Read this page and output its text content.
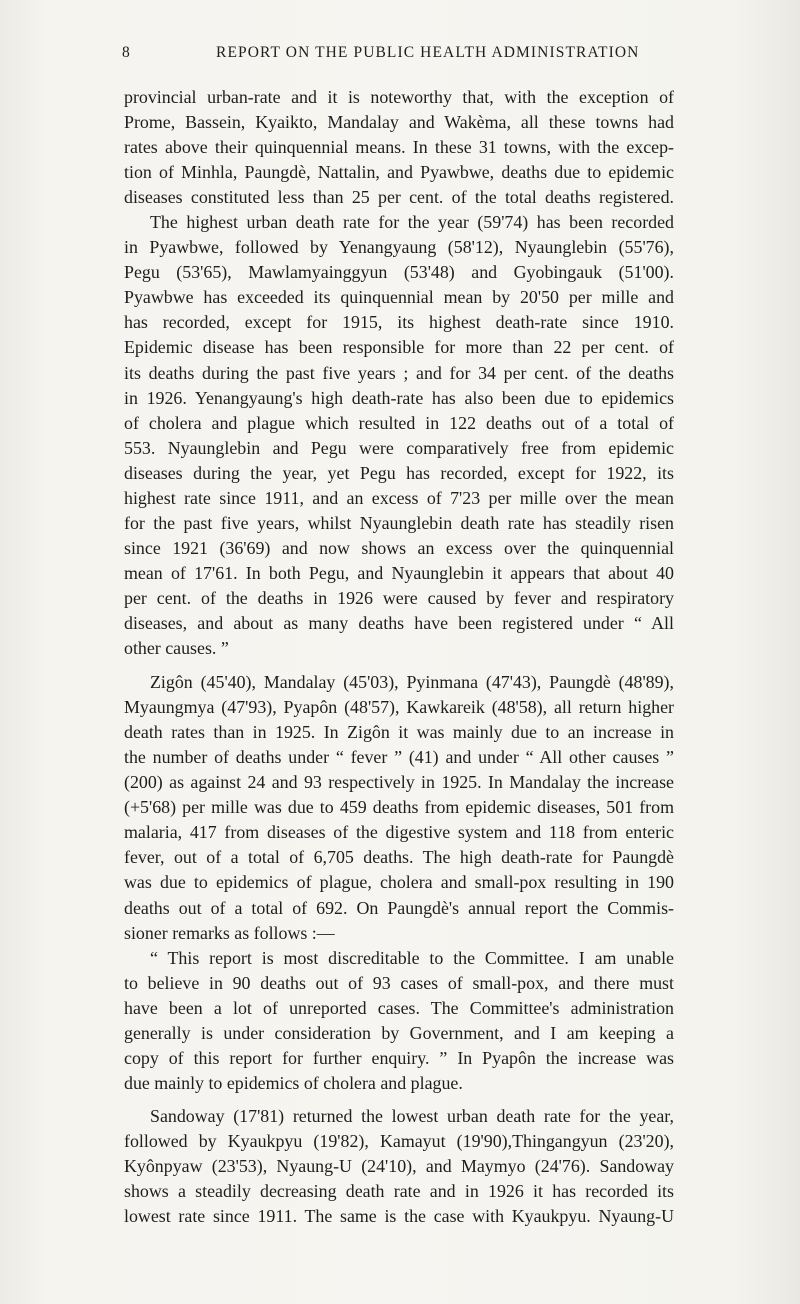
8	REPORT ON THE PUBLIC HEALTH ADMINISTRATION

provincial urban-rate and it is noteworthy that, with the exception of
Prome, Bassein, Kyaikto, Mandalay and Wakèma, all these towns had
rates above their quinquennial means. In these 31 towns, with the excep-
tion of Minhla, Paungdè, Nattalin, and Pyawbwe, deaths due to epidemic
diseases constituted less than 25 per cent. of the total deaths registered.
The highest urban death rate for the year (59'74) has been recorded
in Pyawbwe, followed by Yenangyaung (58'12), Nyaunglebin (55'76),
Pegu (53'65), Mawlamyainggyun (53'48) and Gyobingauk (51'00).
Pyawbwe has exceeded its quinquennial mean by 20'50 per mille and
has recorded, except for 1915, its highest death-rate since 1910.
Epidemic disease has been responsible for more than 22 per cent. of
its deaths during the past five years ; and for 34 per cent. of the deaths
in 1926. Yenangyaung's high death-rate has also been due to epidemics
of cholera and plague which resulted in 122 deaths out of a total of
553. Nyaunglebin and Pegu were comparatively free from epidemic
diseases during the year, yet Pegu has recorded, except for 1922, its
highest rate since 1911, and an excess of 7'23 per mille over the mean
for the past five years, whilst Nyaunglebin death rate has steadily risen
since 1921 (36'69) and now shows an excess over the quinquennial
mean of 17'61. In both Pegu, and Nyaunglebin it appears that about 40
per cent. of the deaths in 1926 were caused by fever and respiratory
diseases, and about as many deaths have been registered under “ All
other causes. ”

Zigôn (45'40), Mandalay (45'03), Pyinmana (47'43), Paungdè (48'89),
Myaungmya (47'93), Pyapôn (48'57), Kawkareik (48'58), all return higher
death rates than in 1925. In Zigôn it was mainly due to an increase in
the number of deaths under “ fever ” (41) and under “ All other causes ”
(200) as against 24 and 93 respectively in 1925. In Mandalay the increase
(+5'68) per mille was due to 459 deaths from epidemic diseases, 501 from
malaria, 417 from diseases of the digestive system and 118 from enteric
fever, out of a total of 6,705 deaths. The high death-rate for Paungdè
was due to epidemics of plague, cholera and small-pox resulting in 190
deaths out of a total of 692. On Paungdè's annual report the Commis-
sioner remarks as follows :—

“ This report is most discreditable to the Committee. I am unable
to believe in 90 deaths out of 93 cases of small-pox, and there must
have been a lot of unreported cases. The Committee's administration
generally is under consideration by Government, and I am keeping a
copy of this report for further enquiry. ” In Pyapôn the increase was
due mainly to epidemics of cholera and plague.

Sandoway (17'81) returned the lowest urban death rate for the year,
followed by Kyaukpyu (19'82), Kamayut (19'90),Thingangyun (23'20),
Kyônpyaw (23'53), Nyaung-U (24'10), and Maymyo (24'76). Sandoway
shows a steadily decreasing death rate and in 1926 it has recorded its
lowest rate since 1911. The same is the case with Kyaukpyu. Nyaung-U
